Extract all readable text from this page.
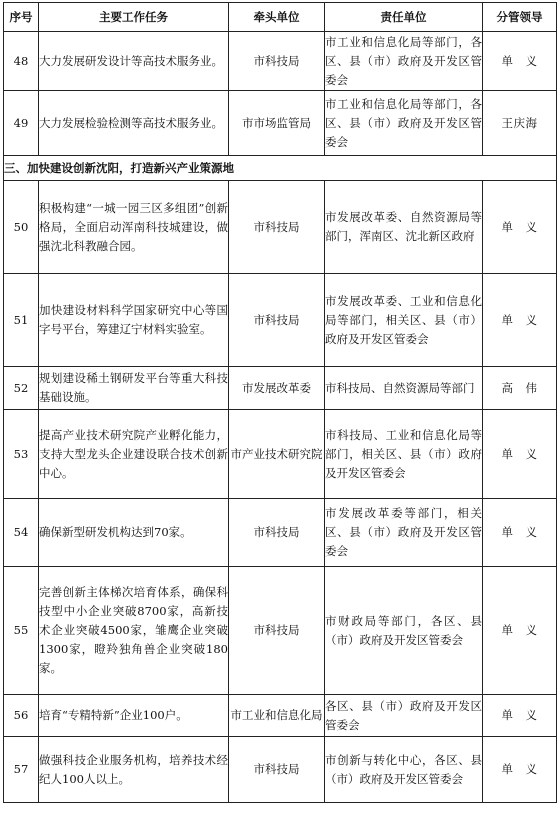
序号	主要工作任务	牵头单位	责任单位	分管领导
48	大力发展研发设计等高技术服务业。	市科技局	市工业和信息化局等部门，各区、县（市）政府及开发区管委会	单　义
49	大力发展检验检测等高技术服务业。	市市场监管局	市工业和信息化局等部门，各区、县（市）政府及开发区管委会	王庆海
三、加快建设创新沈阳，打造新兴产业策源地				
50	积极构建“一城一园三区多组团”创新格局，全面启动浑南科技城建设，做强沈北科教融合园。	市科技局	市发展改革委、自然资源局等部门，浑南区、沈北新区政府	单　义
51	加快建设材料科学国家研究中心等国字号平台，筹建辽宁材料实验室。	市科技局	市发展改革委、工业和信息化局等部门，相关区、县（市）政府及开发区管委会	单　义
52	规划建设稀土钢研发平台等重大科技基础设施。	市发展改革委	市科技局、自然资源局等部门	高　伟
53	提高产业技术研究院产业孵化能力，支持大型龙头企业建设联合技术创新中心。	市产业技术研究院	市科技局、工业和信息化局等部门，相关区、县（市）政府及开发区管委会	单　义
54	确保新型研发机构达到70家。	市科技局	市发展改革委等部门，相关区、县（市）政府及开发区管委会	单　义
55	完善创新主体梯次培育体系，确保科技型中小企业突破8700家，高新技术企业突破4500家，雏鹰企业突破1300家，瞪羚独角兽企业突破180家。	市科技局	市财政局等部门，各区、县（市）政府及开发区管委会	单　义
56	培育“专精特新”企业100户。	市工业和信息化局	各区、县（市）政府及开发区管委会	单　义
57	做强科技企业服务机构，培养技术经纪人100人以上。	市科技局	市创新与转化中心，各区、县（市）政府及开发区管委会	单　义
